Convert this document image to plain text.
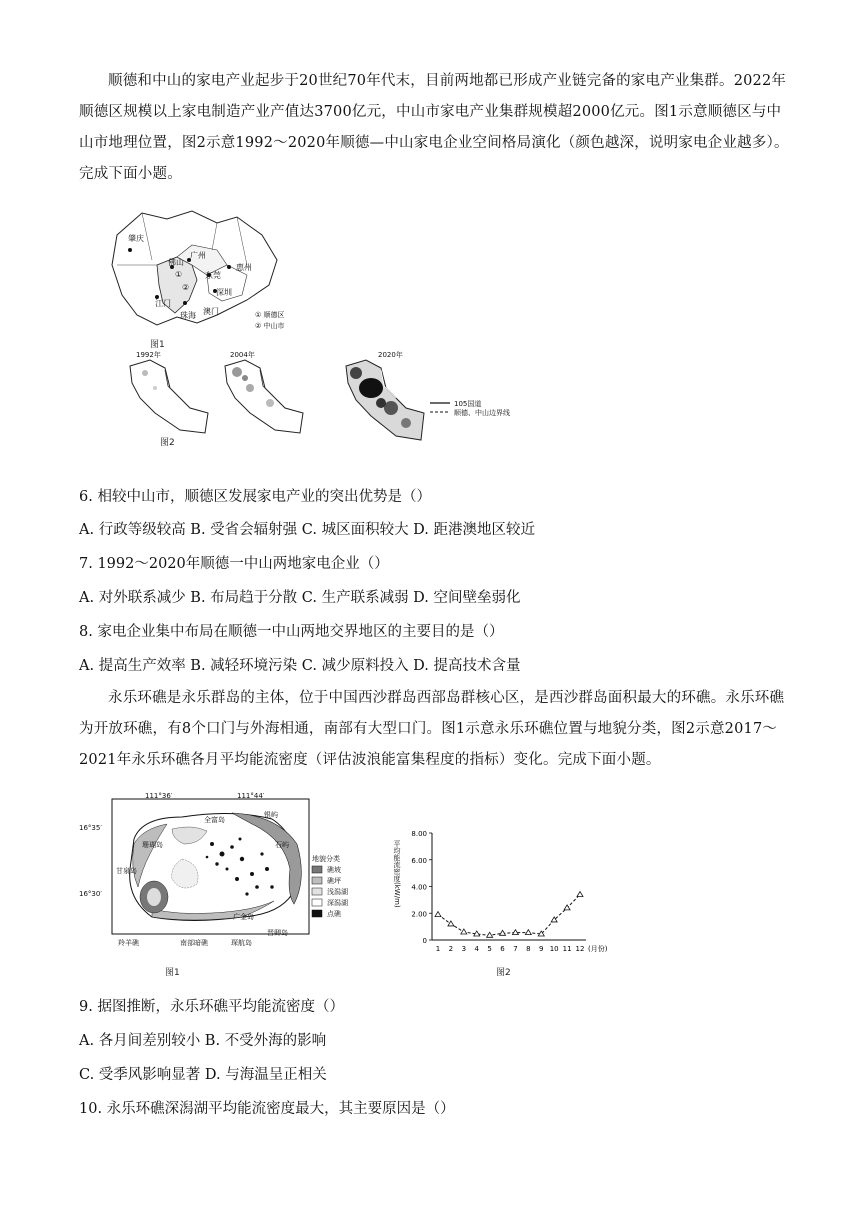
顺德和中山的家电产业起步于20世纪70年代末，目前两地都已形成产业链完备的家电产业集群。2022年顺德区规模以上家电制造产业产值达3700亿元，中山市家电产业集群规模超2000亿元。图1示意顺德区与中山市地理位置，图2示意1992～2020年顺德—中山家电企业空间格局演化（颜色越深，说明家电企业越多）。完成下面小题。
肇庆
广州
惠州
东莞
佛山
江门
珠海 澳门
深圳
①
②
① 顺德区
② 中山市
图1
1992年	2004年	2020年
105国道
顺德、中山边界线
图2
6. 相较中山市，顺德区发展家电产业的突出优势是（）
A. 行政等级较高 B. 受省会辐射强 C. 城区面积较大 D. 距港澳地区较近
7. 1992～2020年顺德一中山两地家电企业（）
A. 对外联系减少 B. 布局趋于分散 C. 生产联系减弱 D. 空间壁垒弱化
8. 家电企业集中布局在顺德一中山两地交界地区的主要目的是（）
A. 提高生产效率 B. 减轻环境污染 C. 减少原料投入 D. 提高技术含量
永乐环礁是永乐群岛的主体，位于中国西沙群岛西部岛群核心区，是西沙群岛面积最大的环礁。永乐环礁为开放环礁，有8个口门与外海相通，南部有大型口门。图1示意永乐环礁位置与地貌分类，图2示意2017～2021年永乐环礁各月平均能流密度（评估波浪能富集程度的指标）变化。完成下面小题。
111°36′	111°44′
16°35′
16°30′
全富岛
银屿
石屿
珊瑚岛
甘泉岛
广金岛
晋卿岛
羚羊礁	南部暗礁	琛航岛
地貌分类
礁坡
礁坪
浅潟湖
深潟湖
点礁
图1
0
2.00
4.00
6.00
8.00
1 2 3 4 5 6 7 8 9 10 11 12 (月份)
平均能流密度(kW/m)
图2
9. 据图推断，永乐环礁平均能流密度（）
A. 各月间差别较小 B. 不受外海的影响
C. 受季风影响显著 D. 与海温呈正相关
10. 永乐环礁深潟湖平均能流密度最大，其主要原因是（）
